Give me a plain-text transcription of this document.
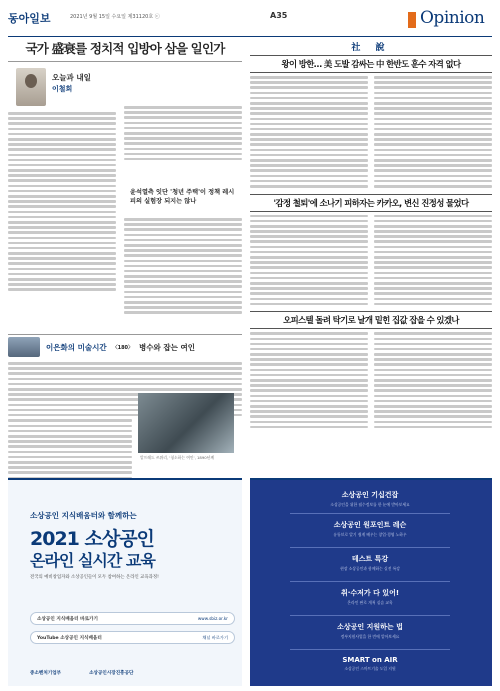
동아일보	2021년 9월 15일 수요일 제31120호 ⓒ	A35	Opinion
국가 盛衰를 정치적 입방아 삼을 일인가
오늘과 내일
이철희
윤석열측 잇단 '청년 주택'이 정책 레시피의 실험장 되지는 않나
이은화의 미술시간 〈180〉 병수와 잡는 여인
알프레드 쓰뮈리, '청소하는 여인', 1890년께
社 說
왕이 방한… 美 도발 감싸는 中 한반도 훈수 자격 없다
'감정 철퇴'에 소나기 피하자는 카카오, 변신 진정성 물었다
오피스텔 돌려 탁기로 날개 밑힌 집값 잡을 수 있겠나
소상공인 지식배움터와 함께하는
2021 소상공인
온라인 실시간 교육
전국의 예비창업자와 소상공인들이 모두 참여하는 온라인 교육과정!
소상공인 지식배움터 바로가기	www.sbiz.or.kr
YouTube 소상공인 지식배움터	채널 바로가기
중소벤처기업부	소상공인시장진흥공단
소상공인 기십건잡
소상공인을 위한 필수정보를 한 눈에 받아보세요
소상공인 원포인트 레슨
유튜브로 알기 쉽게 배우는 창업·경영 노하우
테스트 특강
현장 소상공인과 함께하는 실전 특강
취·수저가 다 있어!
온라인 판로 개척 실습 교육
소상공인 지원하는 법
정부지원사업을 한 번에 알아보세요
SMART on AIR
소상공인 스마트기술 도입 지원
